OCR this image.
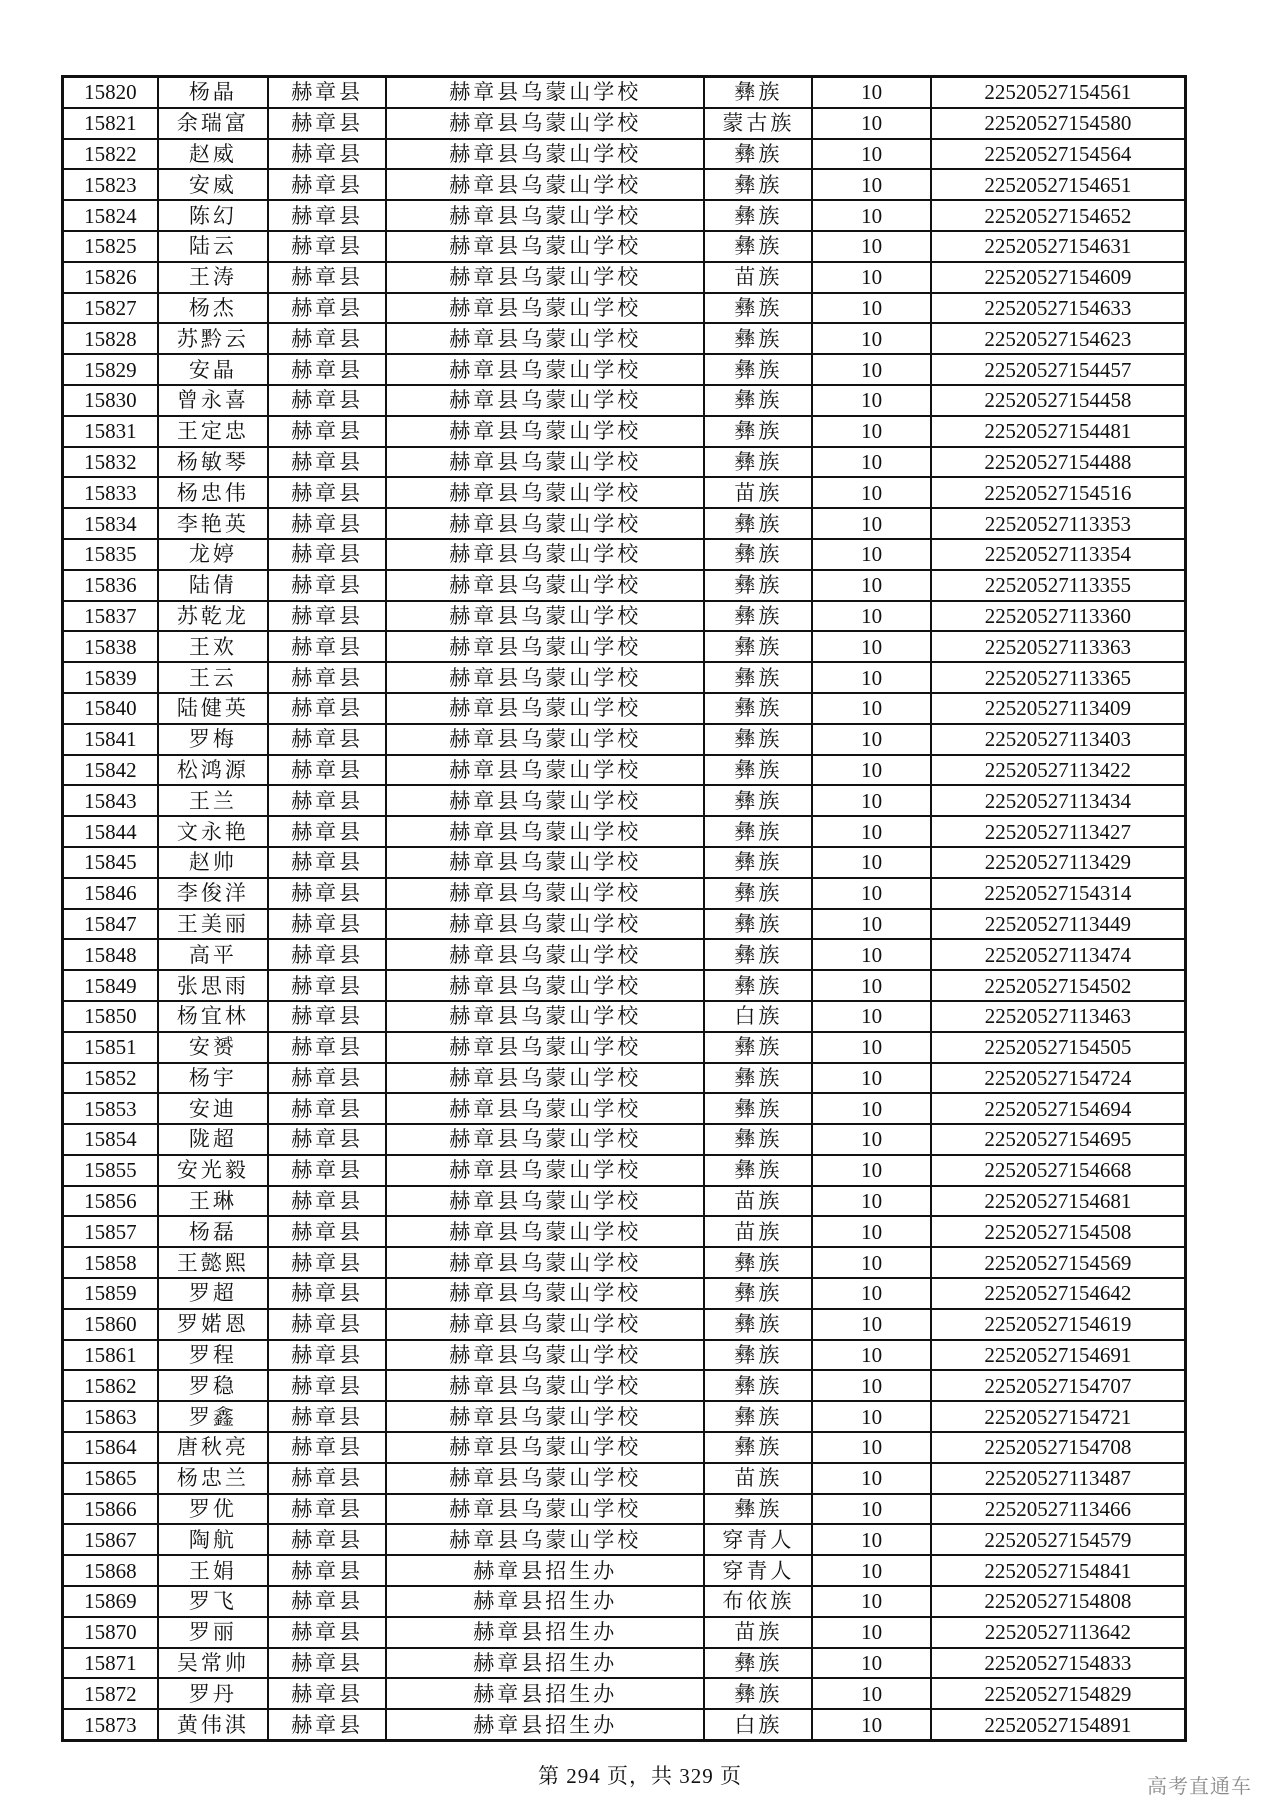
15820	杨晶	赫章县	赫章县乌蒙山学校	彝族	10	22520527154561
15821	余瑞富	赫章县	赫章县乌蒙山学校	蒙古族	10	22520527154580
15822	赵威	赫章县	赫章县乌蒙山学校	彝族	10	22520527154564
15823	安威	赫章县	赫章县乌蒙山学校	彝族	10	22520527154651
15824	陈幻	赫章县	赫章县乌蒙山学校	彝族	10	22520527154652
15825	陆云	赫章县	赫章县乌蒙山学校	彝族	10	22520527154631
15826	王涛	赫章县	赫章县乌蒙山学校	苗族	10	22520527154609
15827	杨杰	赫章县	赫章县乌蒙山学校	彝族	10	22520527154633
15828	苏黔云	赫章县	赫章县乌蒙山学校	彝族	10	22520527154623
15829	安晶	赫章县	赫章县乌蒙山学校	彝族	10	22520527154457
15830	曾永喜	赫章县	赫章县乌蒙山学校	彝族	10	22520527154458
15831	王定忠	赫章县	赫章县乌蒙山学校	彝族	10	22520527154481
15832	杨敏琴	赫章县	赫章县乌蒙山学校	彝族	10	22520527154488
15833	杨忠伟	赫章县	赫章县乌蒙山学校	苗族	10	22520527154516
15834	李艳英	赫章县	赫章县乌蒙山学校	彝族	10	22520527113353
15835	龙婷	赫章县	赫章县乌蒙山学校	彝族	10	22520527113354
15836	陆倩	赫章县	赫章县乌蒙山学校	彝族	10	22520527113355
15837	苏乾龙	赫章县	赫章县乌蒙山学校	彝族	10	22520527113360
15838	王欢	赫章县	赫章县乌蒙山学校	彝族	10	22520527113363
15839	王云	赫章县	赫章县乌蒙山学校	彝族	10	22520527113365
15840	陆健英	赫章县	赫章县乌蒙山学校	彝族	10	22520527113409
15841	罗梅	赫章县	赫章县乌蒙山学校	彝族	10	22520527113403
15842	松鸿源	赫章县	赫章县乌蒙山学校	彝族	10	22520527113422
15843	王兰	赫章县	赫章县乌蒙山学校	彝族	10	22520527113434
15844	文永艳	赫章县	赫章县乌蒙山学校	彝族	10	22520527113427
15845	赵帅	赫章县	赫章县乌蒙山学校	彝族	10	22520527113429
15846	李俊洋	赫章县	赫章县乌蒙山学校	彝族	10	22520527154314
15847	王美丽	赫章县	赫章县乌蒙山学校	彝族	10	22520527113449
15848	高平	赫章县	赫章县乌蒙山学校	彝族	10	22520527113474
15849	张思雨	赫章县	赫章县乌蒙山学校	彝族	10	22520527154502
15850	杨宜林	赫章县	赫章县乌蒙山学校	白族	10	22520527113463
15851	安赟	赫章县	赫章县乌蒙山学校	彝族	10	22520527154505
15852	杨宇	赫章县	赫章县乌蒙山学校	彝族	10	22520527154724
15853	安迪	赫章县	赫章县乌蒙山学校	彝族	10	22520527154694
15854	陇超	赫章县	赫章县乌蒙山学校	彝族	10	22520527154695
15855	安光毅	赫章县	赫章县乌蒙山学校	彝族	10	22520527154668
15856	王琳	赫章县	赫章县乌蒙山学校	苗族	10	22520527154681
15857	杨磊	赫章县	赫章县乌蒙山学校	苗族	10	22520527154508
15858	王懿熙	赫章县	赫章县乌蒙山学校	彝族	10	22520527154569
15859	罗超	赫章县	赫章县乌蒙山学校	彝族	10	22520527154642
15860	罗婼恩	赫章县	赫章县乌蒙山学校	彝族	10	22520527154619
15861	罗程	赫章县	赫章县乌蒙山学校	彝族	10	22520527154691
15862	罗稳	赫章县	赫章县乌蒙山学校	彝族	10	22520527154707
15863	罗鑫	赫章县	赫章县乌蒙山学校	彝族	10	22520527154721
15864	唐秋亮	赫章县	赫章县乌蒙山学校	彝族	10	22520527154708
15865	杨忠兰	赫章县	赫章县乌蒙山学校	苗族	10	22520527113487
15866	罗优	赫章县	赫章县乌蒙山学校	彝族	10	22520527113466
15867	陶航	赫章县	赫章县乌蒙山学校	穿青人	10	22520527154579
15868	王娟	赫章县	赫章县招生办	穿青人	10	22520527154841
15869	罗飞	赫章县	赫章县招生办	布依族	10	22520527154808
15870	罗丽	赫章县	赫章县招生办	苗族	10	22520527113642
15871	吴常帅	赫章县	赫章县招生办	彝族	10	22520527154833
15872	罗丹	赫章县	赫章县招生办	彝族	10	22520527154829
15873	黄伟淇	赫章县	赫章县招生办	白族	10	22520527154891
第 294 页，共 329 页	高考直通车
